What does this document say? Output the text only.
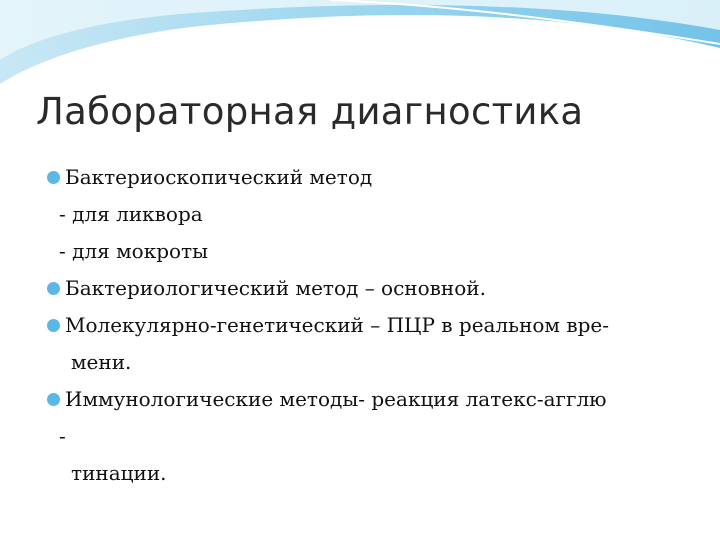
Лабораторная диагностика
Бактериоскопический метод
- для ликвора
- для мокроты
Бактериологический метод – основной.
Молекулярно-генетический – ПЦР в реальном вре-
мени.
Иммунологические методы- реакция латекс-агглю
-
тинации.
